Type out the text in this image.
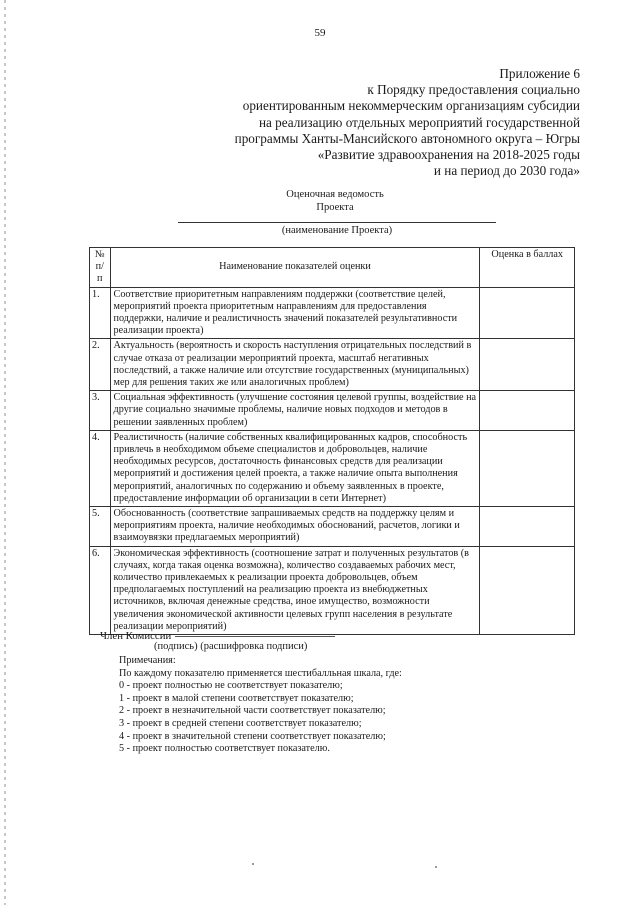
59
Приложение 6
к Порядку предоставления социально
ориентированным некоммерческим организациям субсидии
на реализацию отдельных мероприятий государственной
программы Ханты-Мансийского автономного округа – Югры
«Развитие здравоохранения на 2018-2025 годы
и на период до 2030 года»
Оценочная ведомость
Проекта
(наименование Проекта)
№ п/п	Наименование показателей оценки	Оценка в баллах
1.	Соответствие приоритетным направлениям поддержки (соответствие целей, мероприятий проекта приоритетным направлениям для предоставления поддержки, наличие и реалистичность значений показателей результативности реализации проекта)	
2.	Актуальность (вероятность и скорость наступления отрицательных последствий в случае отказа от реализации мероприятий проекта, масштаб негативных последствий, а также наличие или отсутствие государственных (муниципальных) мер для решения таких же или аналогичных проблем)	
3.	Социальная эффективность (улучшение состояния целевой группы, воздействие на другие социально значимые проблемы, наличие новых подходов и методов в решении заявленных проблем)	
4.	Реалистичность (наличие собственных квалифицированных кадров, способность привлечь в необходимом объеме специалистов и добровольцев, наличие необходимых ресурсов, достаточность финансовых средств для реализации мероприятий и достижения целей проекта, а также наличие опыта выполнения мероприятий, аналогичных по содержанию и объему заявленных в проекте, предоставление информации об организации в сети Интернет)	
5.	Обоснованность (соответствие запрашиваемых средств на поддержку целям и мероприятиям проекта, наличие необходимых обоснований, расчетов, логики и взаимоувязки предлагаемых мероприятий)	
6.	Экономическая эффективность (соотношение затрат и полученных результатов (в случаях, когда такая оценка возможна), количество создаваемых рабочих мест, количество привлекаемых к реализации проекта добровольцев, объем предполагаемых поступлений на реализацию проекта из внебюджетных источников, включая денежные средства, иное имущество, возможности увеличения экономической активности целевых групп населения в результате реализации мероприятий)	
Член Комиссии
(подпись) (расшифровка подписи)
Примечания:
По каждому показателю применяется шестибалльная шкала, где:
0 - проект полностью не соответствует показателю;
1 - проект в малой степени соответствует показателю;
2 - проект в незначительной части соответствует показателю;
3 - проект в средней степени соответствует показателю;
4 - проект в значительной степени соответствует показателю;
5 - проект полностью соответствует показателю.
